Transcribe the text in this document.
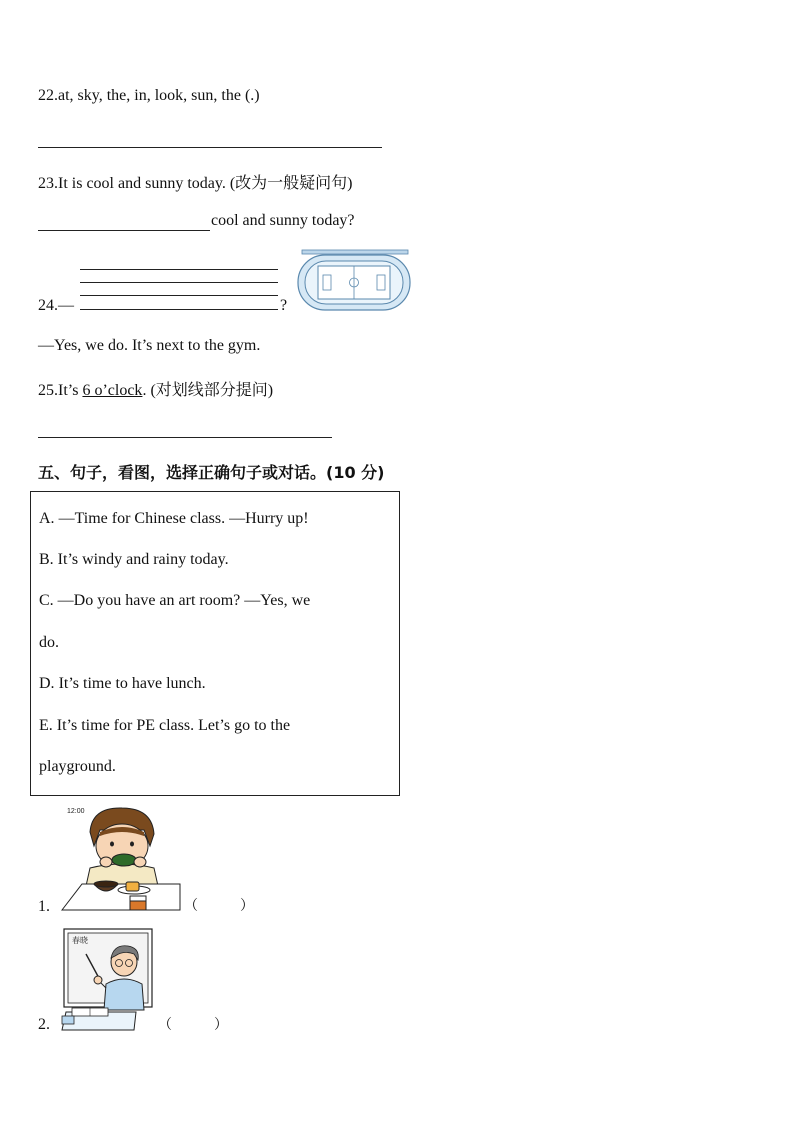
22.at, sky, the, in, look, sun, the (.)
23.It is cool and sunny today. (改为一般疑问句)
cool and sunny today?
24.—	?
—Yes, we do. It’s next to the gym.
25.It’s 6 o’clock. (对划线部分提问)
五、句子，看图，选择正确句子或对话。(10 分)
A. —Time for Chinese class. —Hurry up!
B. It’s windy and rainy today.
C. —Do you have an art room? —Yes, we
do.
D. It’s time to have lunch.
E. It’s time for PE class. Let’s go to the
playground.
12:00
1.	（　　　）
春晓
2.	（　　　）
